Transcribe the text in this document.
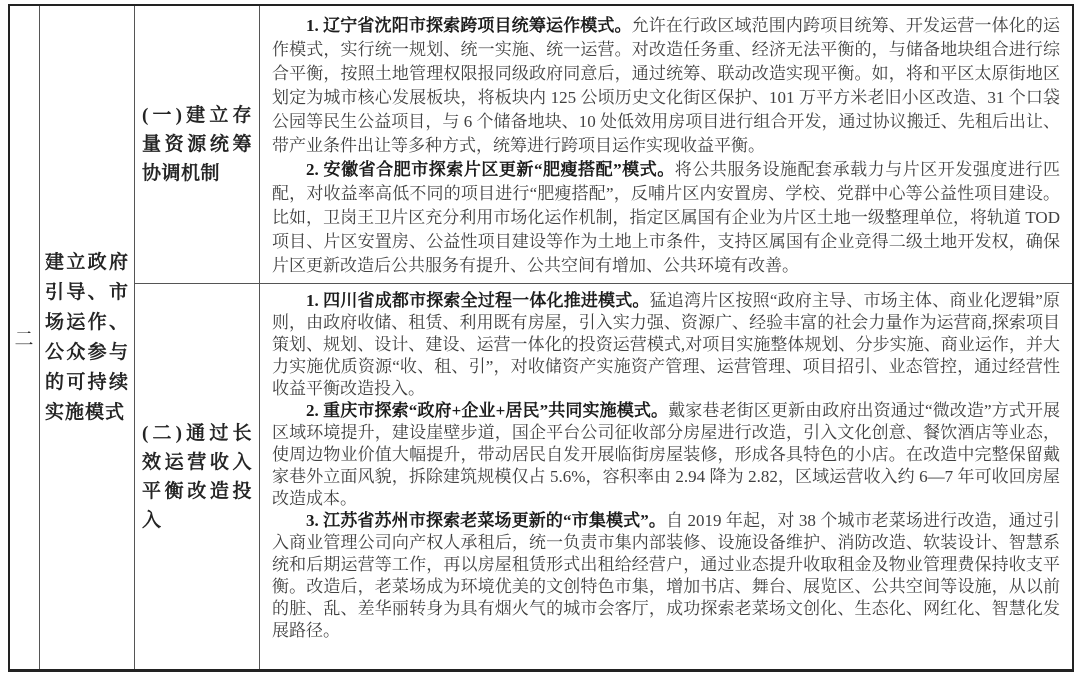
二
建立政府引导、市场运作、公众参与的可持续实施模式
(一)建立存量资源统筹协调机制

1. 辽宁省沈阳市探索跨项目统筹运作模式。允许在行政区域范围内跨项目统筹、开发运营一体化的运作模式，实行统一规划、统一实施、统一运营。对改造任务重、经济无法平衡的，与储备地块组合进行综合平衡，按照土地管理权限报同级政府同意后，通过统筹、联动改造实现平衡。如，将和平区太原街地区划定为城市核心发展板块，将板块内 125 公顷历史文化街区保护、101 万平方米老旧小区改造、31 个口袋公园等民生公益项目，与 6 个储备地块、10 处低效用房项目进行组合开发，通过协议搬迁、先租后出让、带产业条件出让等多种方式，统筹进行跨项目运作实现收益平衡。

2. 安徽省合肥市探索片区更新“肥瘦搭配”模式。将公共服务设施配套承载力与片区开发强度进行匹配，对收益率高低不同的项目进行“肥瘦搭配”，反哺片区内安置房、学校、党群中心等公益性项目建设。比如，卫岗王卫片区充分利用市场化运作机制，指定区属国有企业为片区土地一级整理单位，将轨道 TOD 项目、片区安置房、公益性项目建设等作为土地上市条件，支持区属国有企业竞得二级土地开发权，确保片区更新改造后公共服务有提升、公共空间有增加、公共环境有改善。

(二)通过长效运营收入平衡改造投入

1. 四川省成都市探索全过程一体化推进模式。猛追湾片区按照“政府主导、市场主体、商业化逻辑”原则，由政府收储、租赁、利用既有房屋，引入实力强、资源广、经验丰富的社会力量作为运营商,探索项目策划、规划、设计、建设、运营一体化的投资运营模式,对项目实施整体规划、分步实施、商业运作，并大力实施优质资源“收、租、引”，对收储资产实施资产管理、运营管理、项目招引、业态管控，通过经营性收益平衡改造投入。

2. 重庆市探索“政府+企业+居民”共同实施模式。戴家巷老街区更新由政府出资通过“微改造”方式开展区域环境提升，建设崖壁步道，国企平台公司征收部分房屋进行改造，引入文化创意、餐饮酒店等业态，使周边物业价值大幅提升，带动居民自发开展临街房屋装修，形成各具特色的小店。在改造中完整保留戴家巷外立面风貌，拆除建筑规模仅占 5.6%，容积率由 2.94 降为 2.82，区域运营收入约 6—7 年可收回房屋改造成本。

3. 江苏省苏州市探索老菜场更新的“市集模式”。自 2019 年起，对 38 个城市老菜场进行改造，通过引入商业管理公司向产权人承租后，统一负责市集内部装修、设施设备维护、消防改造、软装设计、智慧系统和后期运营等工作，再以房屋租赁形式出租给经营户，通过业态提升收取租金及物业管理费保持收支平衡。改造后，老菜场成为环境优美的文创特色市集，增加书店、舞台、展览区、公共空间等设施，从以前的脏、乱、差华丽转身为具有烟火气的城市会客厅，成功探索老菜场文创化、生态化、网红化、智慧化发展路径。
